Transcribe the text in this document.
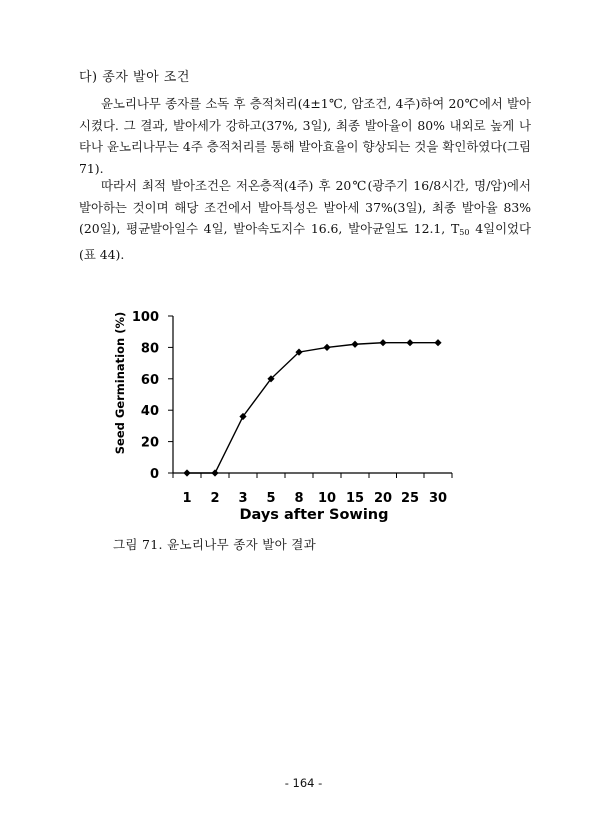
다) 종자 발아 조건

윤노리나무 종자를 소독 후 층적처리(4±1℃, 암조건, 4주)하여 20℃에서 발아시켰다. 그 결과, 발아세가 강하고(37%, 3일), 최종 발아율이 80% 내외로 높게 나타나 윤노리나무는 4주 층적처리를 통해 발아효율이 향상되는 것을 확인하였다(그림 71).

따라서 최적 발아조건은 저온층적(4주) 후 20℃(광주기 16/8시간, 명/암)에서 발아하는 것이며 해당 조건에서 발아특성은 발아세 37%(3일), 최종 발아율 83%(20일), 평균발아일수 4일, 발아속도지수 16.6, 발아균일도 12.1, $T_{50}$ 4일이었다(표 44).

0
20
40
60
80
100
1 2 3 5 8 10 15 20 25 30
Days after Sowing
Seed Germination (%)
그림 71. 윤노리나무 종자 발아 결과
- 164 -
